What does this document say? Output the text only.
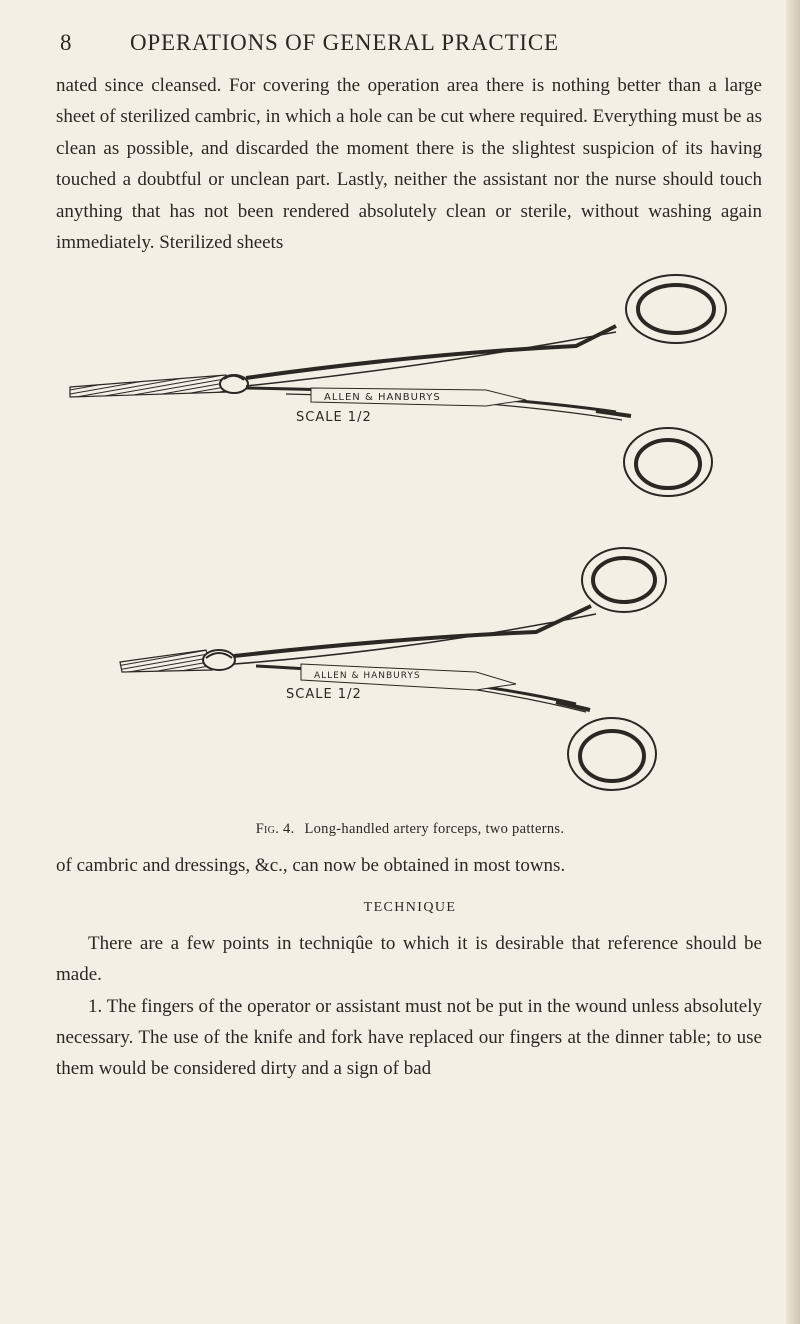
8	OPERATIONS OF GENERAL PRACTICE

nated since cleansed. For covering the operation area there is nothing better than a large sheet of sterilized cambric, in which a hole can be cut where required. Everything must be as clean as possible, and discarded the moment there is the slightest suspicion of its having touched a doubtful or unclean part. Lastly, neither the assistant nor the nurse should touch anything that has not been rendered absolutely clean or sterile, without washing again immediately. Sterilized sheets

ALLEN & HANBURYS
SCALE 1/2
ALLEN & HANBURYS
SCALE 1/2
Fig. 4. Long-handled artery forceps, two patterns.

of cambric and dressings, &c., can now be obtained in most towns.

TECHNIQUE

There are a few points in techniqûe to which it is desirable that reference should be made.

1. The fingers of the operator or assistant must not be put in the wound unless absolutely necessary. The use of the knife and fork have replaced our fingers at the dinner table; to use them would be considered dirty and a sign of bad
